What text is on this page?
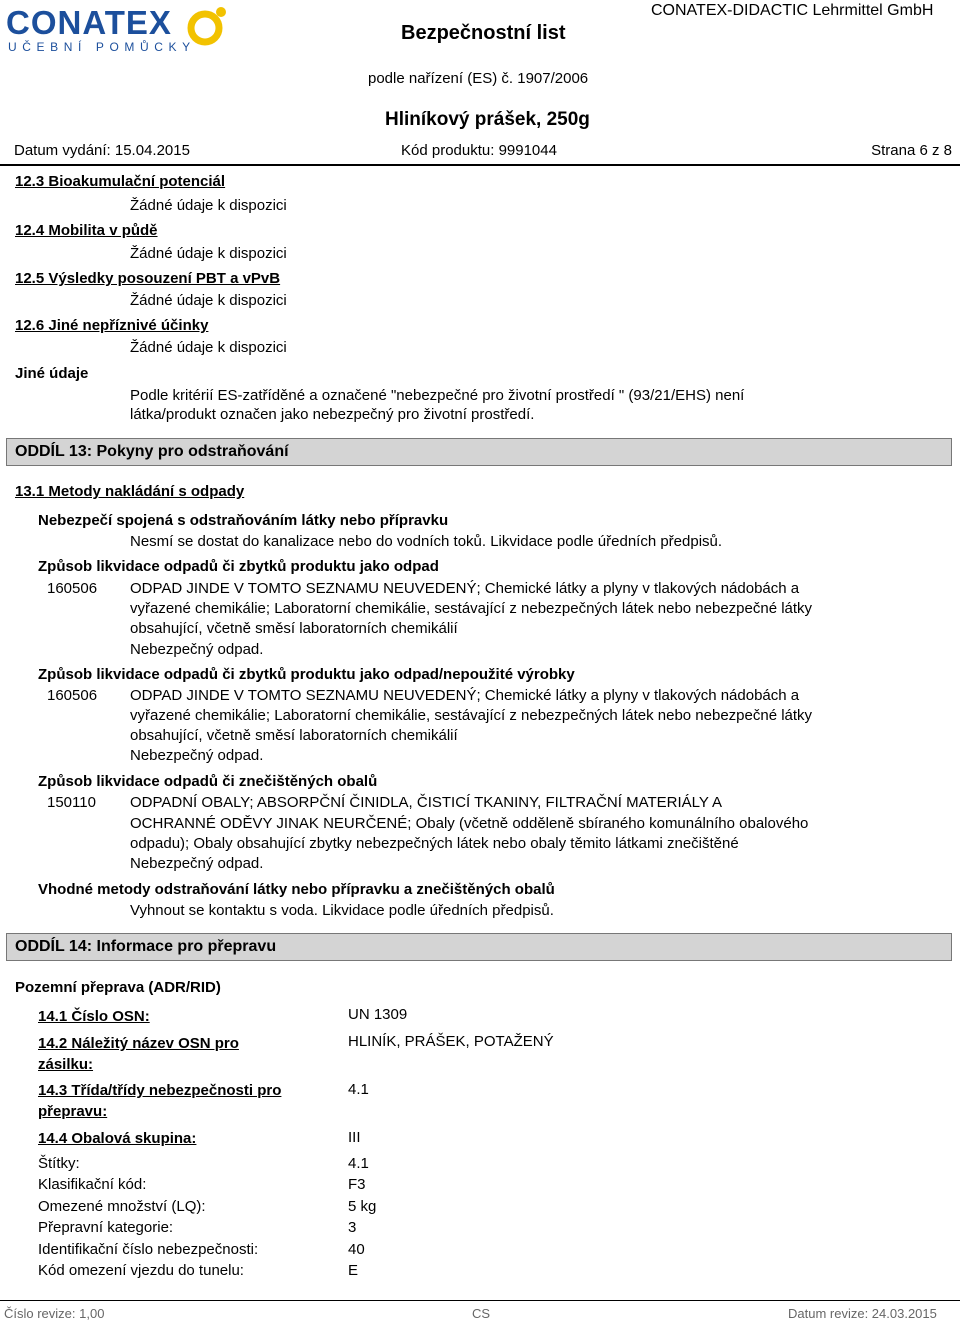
CONATEX
UČEBNÍ POMŮCKY
CONATEX-DIDACTIC Lehrmittel GmbH
Bezpečnostní list
podle nařízení (ES) č. 1907/2006
Hliníkový prášek, 250g
Datum vydání: 15.04.2015	Kód produktu: 9991044	Strana 6 z 8
12.3 Bioakumulační potenciál
Žádné údaje k dispozici
12.4 Mobilita v půdě
Žádné údaje k dispozici
12.5 Výsledky posouzení PBT a vPvB
Žádné údaje k dispozici
12.6 Jiné nepříznivé účinky
Žádné údaje k dispozici
Jiné údaje
Podle kritérií ES-zatříděné a označené "nebezpečné pro životní prostředí " (93/21/EHS) není
látka/produkt označen jako nebezpečný pro životní prostředí.
ODDÍL 13: Pokyny pro odstraňování
13.1 Metody nakládání s odpady
Nebezpečí spojená s odstraňováním látky nebo přípravku
Nesmí se dostat do kanalizace nebo do vodních toků. Likvidace podle úředních předpisů.
Způsob likvidace odpadů či zbytků produktu jako odpad
160506 ODPAD JINDE V TOMTO SEZNAMU NEUVEDENÝ; Chemické látky a plyny v tlakových nádobách a
vyřazené chemikálie; Laboratorní chemikálie, sestávající z nebezpečných látek nebo nebezpečné látky
obsahující, včetně směsí laboratorních chemikálií
Nebezpečný odpad.
Způsob likvidace odpadů či zbytků produktu jako odpad/nepoužité výrobky
160506 ODPAD JINDE V TOMTO SEZNAMU NEUVEDENÝ; Chemické látky a plyny v tlakových nádobách a
vyřazené chemikálie; Laboratorní chemikálie, sestávající z nebezpečných látek nebo nebezpečné látky
obsahující, včetně směsí laboratorních chemikálií
Nebezpečný odpad.
Způsob likvidace odpadů či znečištěných obalů
150110 ODPADNÍ OBALY; ABSORPČNÍ ČINIDLA, ČISTICÍ TKANINY, FILTRAČNÍ MATERIÁLY A
OCHRANNÉ ODĚVY JINAK NEURČENÉ; Obaly (včetně odděleně sbíraného komunálního obalového
odpadu); Obaly obsahující zbytky nebezpečných látek nebo obaly těmito látkami znečištěné
Nebezpečný odpad.
Vhodné metody odstraňování látky nebo přípravku a znečištěných obalů
Vyhnout se kontaktu s voda. Likvidace podle úředních předpisů.
ODDÍL 14: Informace pro přepravu
Pozemní přeprava (ADR/RID)
14.1 Číslo OSN:	UN 1309
14.2 Náležitý název OSN pro
zásilku:
HLINÍK, PRÁŠEK, POTAŽENÝ
14.3 Třída/třídy nebezpečnosti pro
přepravu:
4.1
14.4 Obalová skupina:	III
Štítky:	4.1
Klasifikační kód:	F3
Omezené množství (LQ):	5 kg
Přepravní kategorie:	3
Identifikační číslo nebezpečnosti:	40
Kód omezení vjezdu do tunelu:	E
Číslo revize: 1,00	CS	Datum revize: 24.03.2015
